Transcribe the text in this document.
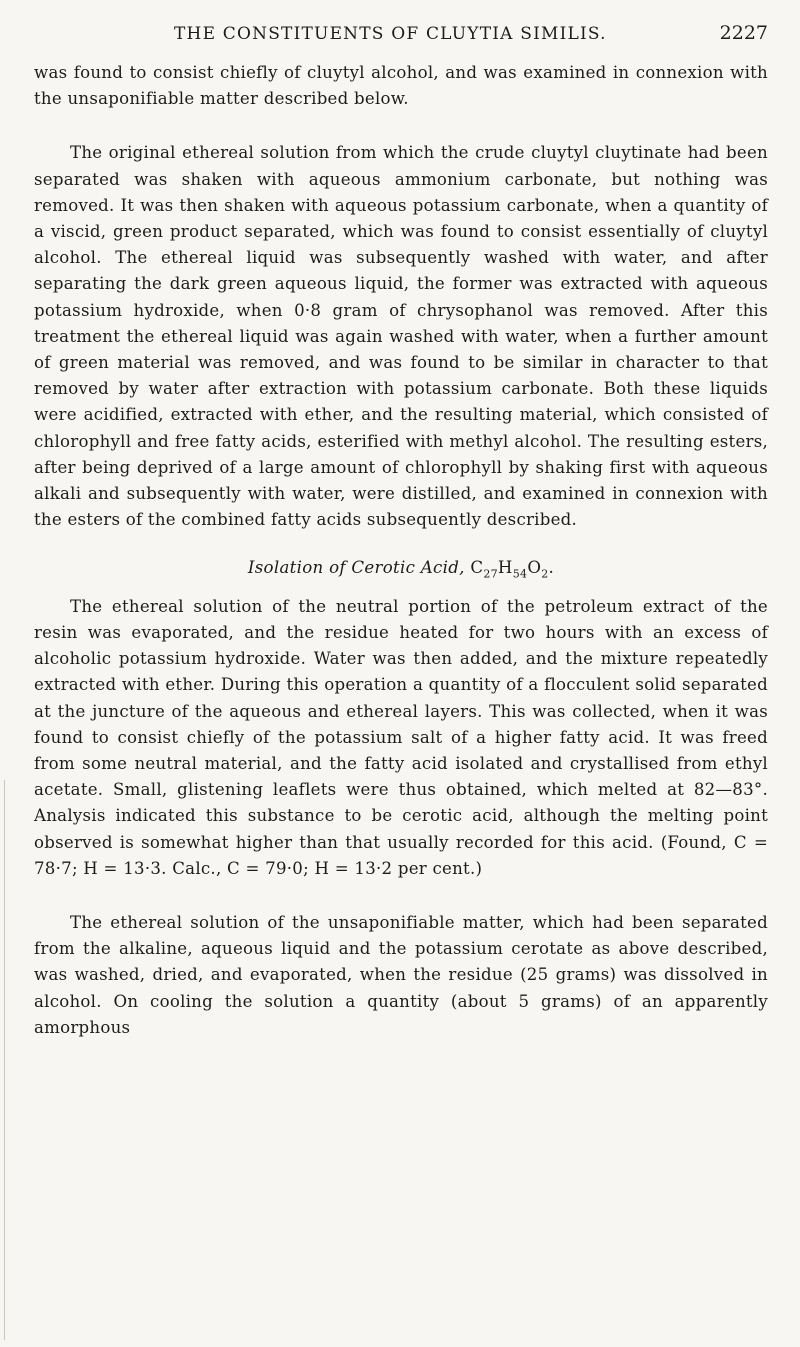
THE CONSTITUENTS OF CLUYTIA SIMILIS.	2227

was found to consist chiefly of cluytyl alcohol, and was examined in connexion with the unsaponifiable matter described below.

The original ethereal solution from which the crude cluytyl cluytinate had been separated was shaken with aqueous ammonium carbonate, but nothing was removed. It was then shaken with aqueous potassium carbonate, when a quantity of a viscid, green product separated, which was found to consist essentially of cluytyl alcohol. The ethereal liquid was subsequently washed with water, and after separating the dark green aqueous liquid, the former was extracted with aqueous potassium hydroxide, when 0·8 gram of chrysophanol was removed. After this treatment the ethereal liquid was again washed with water, when a further amount of green material was removed, and was found to be similar in character to that removed by water after extraction with potassium carbonate. Both these liquids were acidified, extracted with ether, and the resulting material, which consisted of chlorophyll and free fatty acids, esterified with methyl alcohol. The resulting esters, after being deprived of a large amount of chlorophyll by shaking first with aqueous alkali and subsequently with water, were distilled, and examined in connexion with the esters of the combined fatty acids subsequently described.

Isolation of Cerotic Acid, $C_{27}H_{54}O_2$.

The ethereal solution of the neutral portion of the petroleum extract of the resin was evaporated, and the residue heated for two hours with an excess of alcoholic potassium hydroxide. Water was then added, and the mixture repeatedly extracted with ether. During this operation a quantity of a flocculent solid separated at the juncture of the aqueous and ethereal layers. This was collected, when it was found to consist chiefly of the potassium salt of a higher fatty acid. It was freed from some neutral material, and the fatty acid isolated and crystallised from ethyl acetate. Small, glistening leaflets were thus obtained, which melted at 82—83°. Analysis indicated this substance to be cerotic acid, although the melting point observed is somewhat higher than that usually recorded for this acid. (Found, C = 78·7; H = 13·3. Calc., C = 79·0; H = 13·2 per cent.)

The ethereal solution of the unsaponifiable matter, which had been separated from the alkaline, aqueous liquid and the potassium cerotate as above described, was washed, dried, and evaporated, when the residue (25 grams) was dissolved in alcohol. On cooling the solution a quantity (about 5 grams) of an apparently amorphous
